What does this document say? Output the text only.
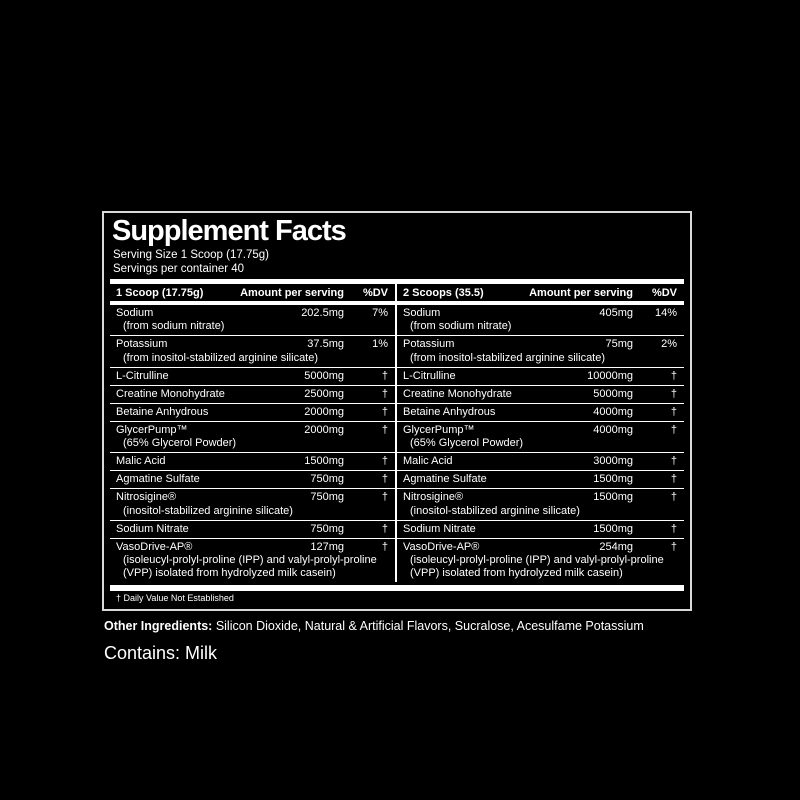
Supplement Facts
Serving Size 1 Scoop (17.75g)
Servings per container 40
1 Scoop (17.75g)	Amount per serving	%DV
Sodium	202.5mg	7%
(from sodium nitrate)
Potassium	37.5mg	1%
(from inositol-stabilized arginine silicate)
L-Citrulline	5000mg	†
Creatine Monohydrate	2500mg	†
Betaine Anhydrous	2000mg	†
GlycerPump™	2000mg	†
(65% Glycerol Powder)
Malic Acid	1500mg	†
Agmatine Sulfate	750mg	†
Nitrosigine®	750mg	†
(inositol-stabilized arginine silicate)
Sodium Nitrate	750mg	†
VasoDrive-AP®	127mg	†
(isoleucyl-prolyl-proline (IPP) and valyl-prolyl-proline (VPP) isolated from hydrolyzed milk casein)
2 Scoops (35.5)	Amount per serving	%DV
Sodium	405mg	14%
(from sodium nitrate)
Potassium	75mg	2%
(from inositol-stabilized arginine silicate)
L-Citrulline	10000mg	†
Creatine Monohydrate	5000mg	†
Betaine Anhydrous	4000mg	†
GlycerPump™	4000mg	†
(65% Glycerol Powder)
Malic Acid	3000mg	†
Agmatine Sulfate	1500mg	†
Nitrosigine®	1500mg	†
(inositol-stabilized arginine silicate)
Sodium Nitrate	1500mg	†
VasoDrive-AP®	254mg	†
(isoleucyl-prolyl-proline (IPP) and valyl-prolyl-proline (VPP) isolated from hydrolyzed milk casein)
† Daily Value Not Established
Other Ingredients: Silicon Dioxide, Natural & Artificial Flavors, Sucralose, Acesulfame Potassium
Contains: Milk
